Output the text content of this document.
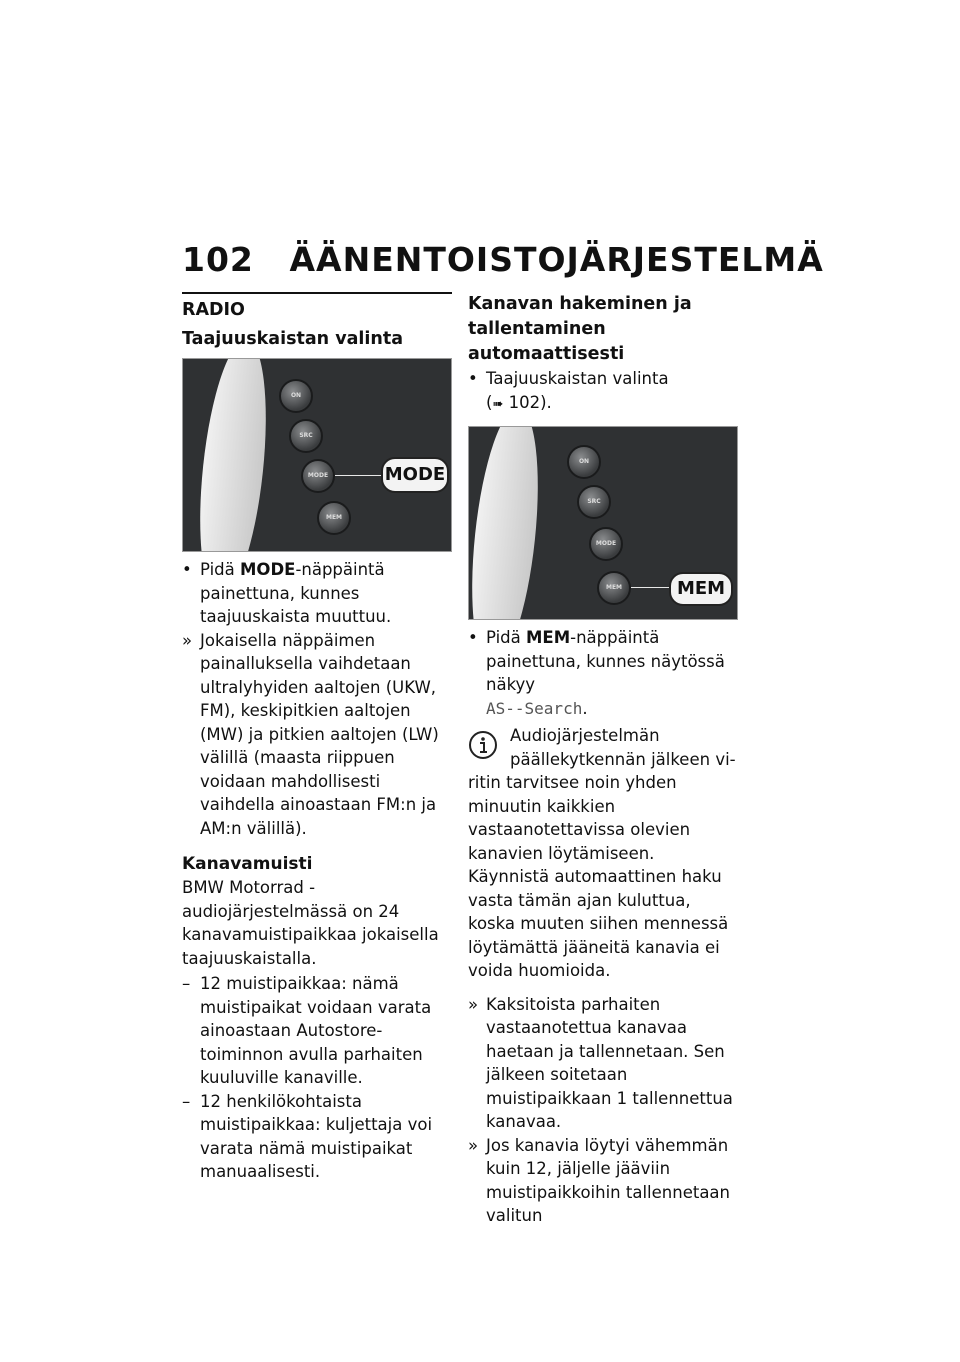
102 ÄÄNENTOISTOJÄRJESTELMÄ
RADIO
Taajuuskaistan valinta
ON
SRC
MODE
MEM
MODE
• Pidä MODE-näppäintä painettuna, kunnes taajuuskaista muuttuu.
» Jokaisella näppäimen painalluksella vaihdetaan ultralyhyiden aaltojen (UKW, FM), keskipitkien aaltojen (MW) ja pitkien aaltojen (LW) välillä (maasta riippuen voidaan mahdollisesti vaihdella ainoastaan FM:n ja AM:n välillä).
Kanavamuisti
BMW Motorrad -audiojärjestelmässä on 24 kanavamuistipaikkaa jokaisella taajuuskaistalla.
– 12 muistipaikkaa: nämä muistipaikat voidaan varata ainoastaan Autostore-toiminnon avulla parhaiten kuuluville kanaville.
– 12 henkilökohtaista muistipaikkaa: kuljettaja voi varata nämä muistipaikat manuaalisesti.
Kanavan hakeminen ja tallentaminen automaattisesti
• Taajuuskaistan valinta
(➠ 102).
ON
SRC
MODE
MEM	MEM
• Pidä MEM-näppäintä painettuna, kunnes näytössä näkyy
AS--Search.
Audiojärjestelmän päällekytkennän jälkeen vi-
ritin tarvitsee noin yhden minuutin kaikkien vastaanotettavissa olevien kanavien löytämiseen. Käynnistä automaattinen haku vasta tämän ajan kuluttua, koska muuten siihen mennessä löytämättä jääneitä kanavia ei voida huomioida.
» Kaksitoista parhaiten vastaanotettua kanavaa haetaan ja tallennetaan. Sen jälkeen soitetaan muistipaikkaan 1 tallennettua kanavaa.
» Jos kanavia löytyi vähemmän kuin 12, jäljelle jääviin muistipaikkoihin tallennetaan valitun
